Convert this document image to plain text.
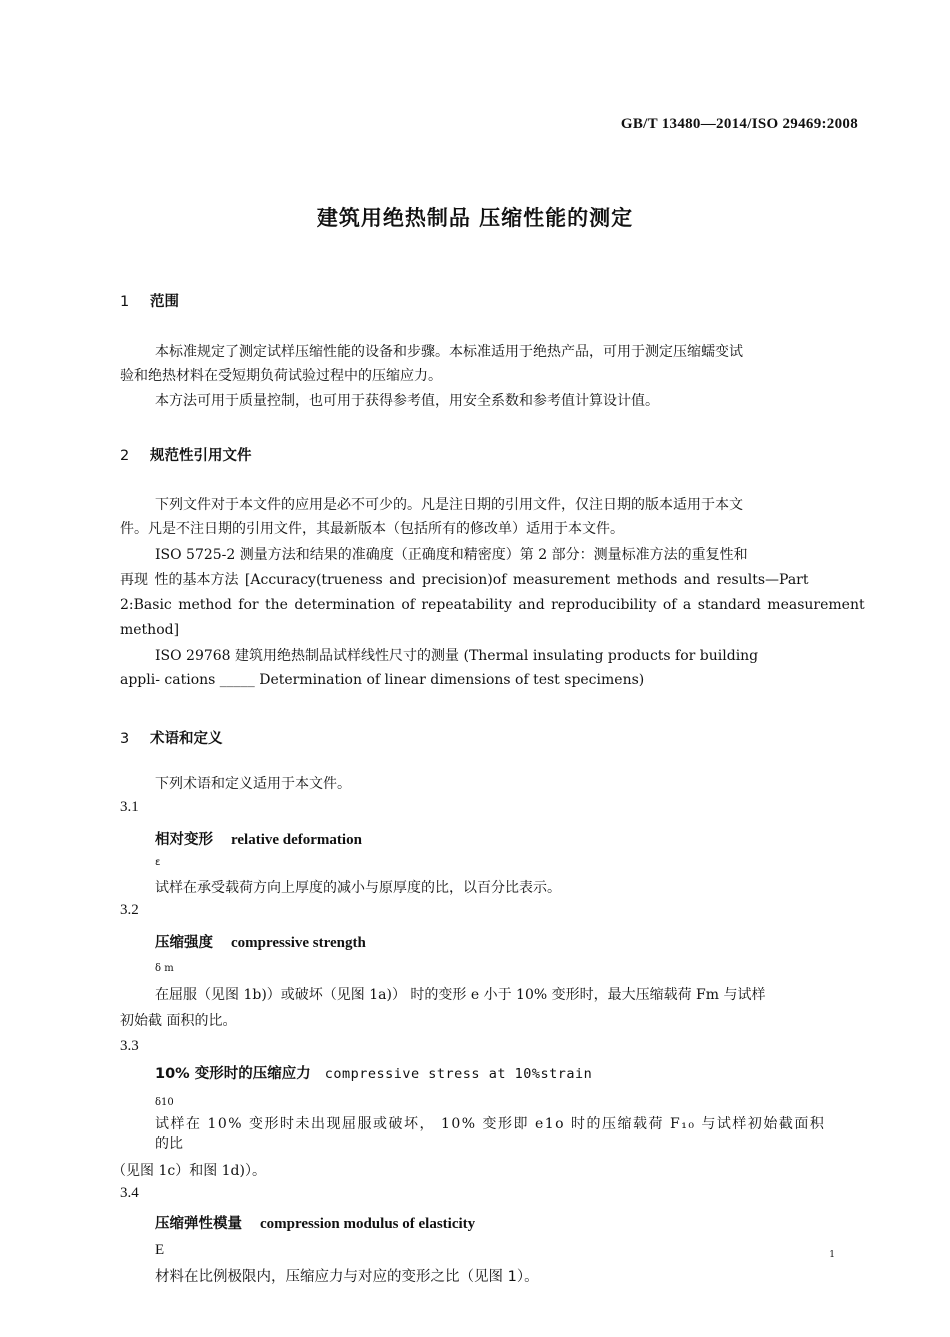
GB/T 13480—2014/ISO 29469:2008
建筑用绝热制品 压缩性能的测定
1 范围
本标准规定了测定试样压缩性能的设备和步骤。本标准适用于绝热产品，可用于测定压缩蠕变试
验和绝热材料在受短期负荷试验过程中的压缩应力。
本方法可用于质量控制，也可用于获得参考值，用安全系数和参考值计算设计值。
2 规范性引用文件
下列文件对于本文件的应用是必不可少的。凡是注日期的引用文件，仅注日期的版本适用于本文
件。凡是不注日期的引用文件，其最新版本（包括所有的修改单）适用于本文件。
ISO 5725-2 测量方法和结果的准确度（正确度和精密度）第 2 部分：测量标准方法的重复性和
再现 性的基本方法 [Accuracy(trueness and precision)of measurement methods and results—Part
2:Basic method for the determination of repeatability and reproducibility of a standard measurement
method]
ISO 29768 建筑用绝热制品试样线性尺寸的测量 (Thermal insulating products for building
appli- cations _____ Determination of linear dimensions of test specimens)
3 术语和定义
下列术语和定义适用于本文件。
3.1
相对变形 relative deformation
ε
试样在承受载荷方向上厚度的减小与原厚度的比，以百分比表示。
3.2
压缩强度 compressive strength
δ m
在屈服（见图 1b)）或破坏（见图 1a)） 时的变形 e 小于 10% 变形时，最大压缩载荷 Fm 与试样
初始截 面积的比。
3.3
10% 变形时的压缩应力 compressive stress at 10%strain
δ10
试样在 10% 变形时未出现屈服或破坏， 10% 变形即 e1o 时的压缩载荷 F₁₀ 与试样初始截面积
的比
（见图 1c）和图 1d)）。
3.4
压缩弹性模量 compression modulus of elasticity
E
材料在比例极限内，压缩应力与对应的变形之比（见图 1）。
1
